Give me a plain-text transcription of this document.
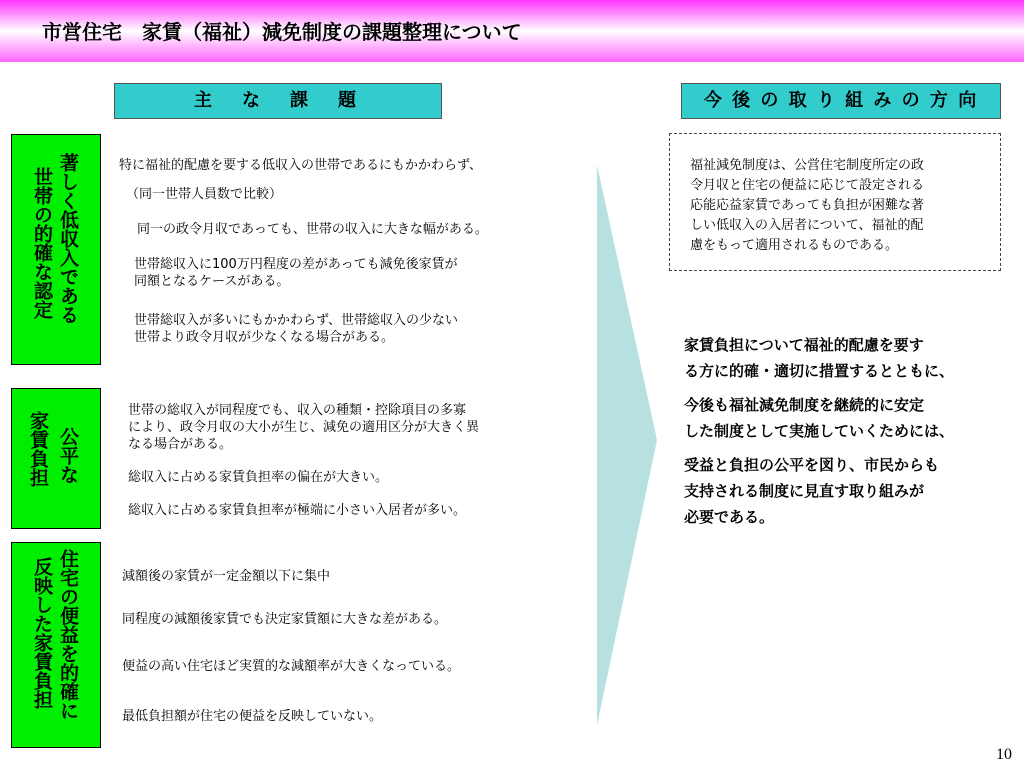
市営住宅　家賃（福祉）減免制度の課題整理について
主　な　課　題	今 後 の 取 り 組 み の 方 向
著しく低収入である
世帯の的確な認定
特に福祉的配慮を要する低収入の世帯であるにもかかわらず、
（同一世帯人員数で比較）
同一の政令月収であっても、世帯の収入に大きな幅がある。
世帯総収入に100万円程度の差があっても減免後家賃が
同額となるケースがある。
世帯総収入が多いにもかかわらず、世帯総収入の少ない
世帯より政令月収が少なくなる場合がある。
公平な
家賃負担
世帯の総収入が同程度でも、収入の種類・控除項目の多寡
により、政令月収の大小が生じ、減免の適用区分が大きく異
なる場合がある。
総収入に占める家賃負担率の偏在が大きい。
総収入に占める家賃負担率が極端に小さい入居者が多い。
住宅の便益を的確に
反映した家賃負担	減額後の家賃が一定金額以下に集中
同程度の減額後家賃でも決定家賃額に大きな差がある。
便益の高い住宅ほど実質的な減額率が大きくなっている。
最低負担額が住宅の便益を反映していない。
福祉減免制度は、公営住宅制度所定の政
令月収と住宅の便益に応じて設定される
応能応益家賃であっても負担が困難な著
しい低収入の入居者について、福祉的配
慮をもって適用されるものである。
家賃負担について福祉的配慮を要す
る方に的確・適切に措置するとともに、
今後も福祉減免制度を継続的に安定
した制度として実施していくためには、
受益と負担の公平を図り、市民からも
支持される制度に見直す取り組みが
必要である。
10
